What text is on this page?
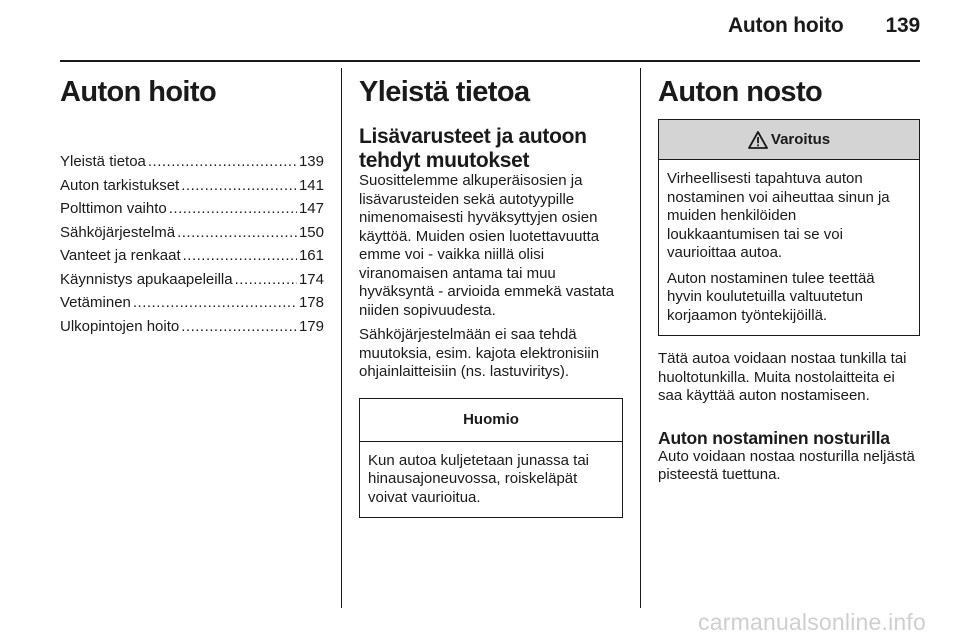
Auton hoito 139
Auton hoito
Yleistä tietoa .....	139
Auton tarkistukset .....	141
Polttimon vaihto .....	147
Sähköjärjestelmä .....	150
Vanteet ja renkaat .....	161
Käynnistys apukaapeleilla .....	174
Vetäminen .....	178
Ulkopintojen hoito .....	179
Yleistä tietoa
Lisävarusteet ja autoon tehdyt muutokset
Suosittelemme alkuperäisosien ja lisävarusteiden sekä autotyypille nimenomaisesti hyväksyttyjen osien käyttöä. Muiden osien luotettavuutta emme voi - vaikka niillä olisi viranomaisen antama tai muu hyväksyntä - arvioida emmekä vastata niiden sopivuudesta.
Sähköjärjestelmään ei saa tehdä muutoksia, esim. kajota elektronisiin ohjainlaitteisiin (ns. lastuviritys).
Huomio
Kun autoa kuljetetaan junassa tai hinausajoneuvossa, roiskeläpät voivat vaurioitua.
Auton nosto
Varoitus
Virheellisesti tapahtuva auton nostaminen voi aiheuttaa sinun ja muiden henkilöiden loukkaantumisen tai se voi vaurioittaa autoa.
Auton nostaminen tulee teettää hyvin koulutetuilla valtuutetun korjaamon työntekijöillä.
Tätä autoa voidaan nostaa tunkilla tai huoltotunkilla. Muita nostolaitteita ei saa käyttää auton nostamiseen.
Auton nostaminen nosturilla
Auto voidaan nostaa nosturilla neljästä pisteestä tuettuna.
carmanualsonline.info
